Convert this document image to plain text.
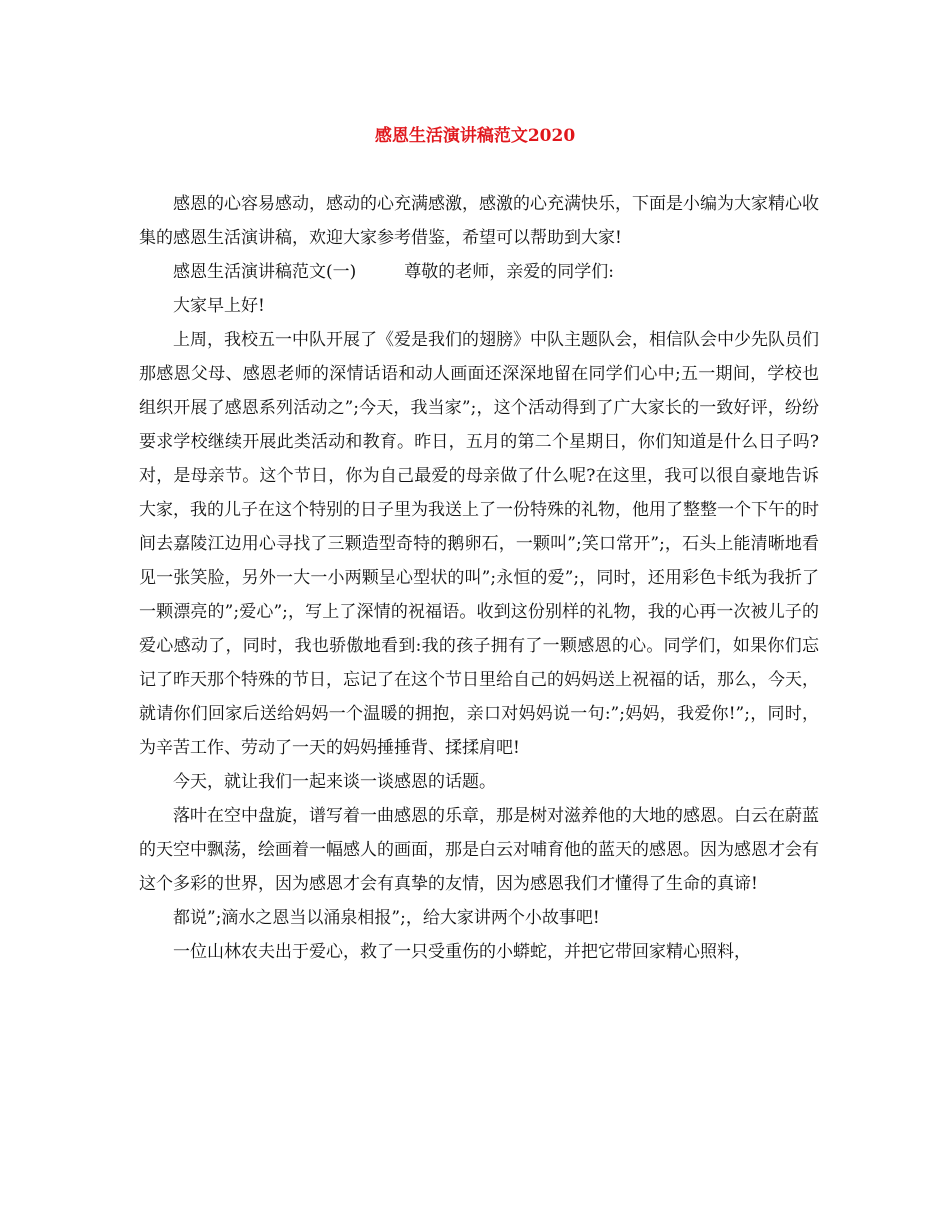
感恩生活演讲稿范文2020

感恩的心容易感动，感动的心充满感激，感激的心充满快乐，下面是小编为大家精心收集的感恩生活演讲稿，欢迎大家参考借鉴，希望可以帮助到大家!

感恩生活演讲稿范文(一)	尊敬的老师，亲爱的同学们:

大家早上好!

上周，我校五一中队开展了《爱是我们的翅膀》中队主题队会，相信队会中少先队员们那感恩父母、感恩老师的深情话语和动人画面还深深地留在同学们心中;五一期间，学校也组织开展了感恩系列活动之”;今天，我当家”;，这个活动得到了广大家长的一致好评，纷纷要求学校继续开展此类活动和教育。昨日，五月的第二个星期日，你们知道是什么日子吗?对，是母亲节。这个节日，你为自己最爱的母亲做了什么呢?在这里，我可以很自豪地告诉大家，我的儿子在这个特别的日子里为我送上了一份特殊的礼物，他用了整整一个下午的时间去嘉陵江边用心寻找了三颗造型奇特的鹅卵石，一颗叫”;笑口常开”;，石头上能清晰地看见一张笑脸，另外一大一小两颗呈心型状的叫”;永恒的爱”;，同时，还用彩色卡纸为我折了一颗漂亮的”;爱心”;，写上了深情的祝福语。收到这份别样的礼物，我的心再一次被儿子的爱心感动了，同时，我也骄傲地看到:我的孩子拥有了一颗感恩的心。同学们，如果你们忘记了昨天那个特殊的节日，忘记了在这个节日里给自己的妈妈送上祝福的话，那么，今天，就请你们回家后送给妈妈一个温暖的拥抱，亲口对妈妈说一句:”;妈妈，我爱你!”;，同时，为辛苦工作、劳动了一天的妈妈捶捶背、揉揉肩吧!

今天，就让我们一起来谈一谈感恩的话题。

落叶在空中盘旋，谱写着一曲感恩的乐章，那是树对滋养他的大地的感恩。白云在蔚蓝的天空中飘荡，绘画着一幅感人的画面，那是白云对哺育他的蓝天的感恩。因为感恩才会有这个多彩的世界，因为感恩才会有真挚的友情，因为感恩我们才懂得了生命的真谛!

都说”;滴水之恩当以涌泉相报”;，给大家讲两个小故事吧!

一位山林农夫出于爱心，救了一只受重伤的小蟒蛇，并把它带回家精心照料，
